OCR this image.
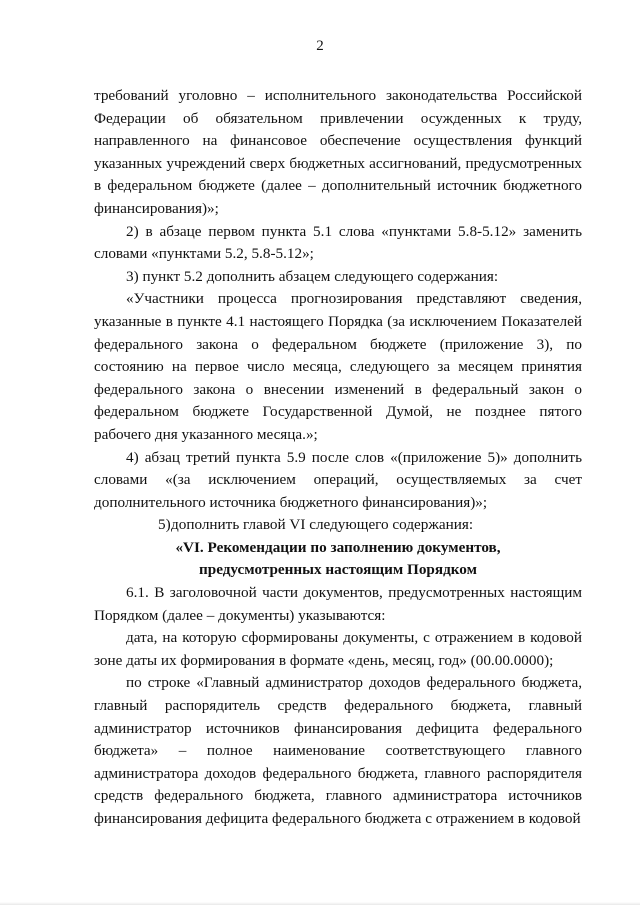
2

требований уголовно – исполнительного законодательства Российской Федерации об обязательном привлечении осужденных к труду, направленного на финансовое обеспечение осуществления функций указанных учреждений сверх бюджетных ассигнований, предусмотренных в федеральном бюджете (далее – дополнительный источник бюджетного финансирования)»;

2) в абзаце первом пункта 5.1 слова «пунктами 5.8-5.12» заменить словами «пунктами 5.2, 5.8-5.12»;

3) пункт 5.2 дополнить абзацем следующего содержания:

«Участники процесса прогнозирования представляют сведения, указанные в пункте 4.1 настоящего Порядка (за исключением Показателей федерального закона о федеральном бюджете (приложение 3), по состоянию на первое число месяца, следующего за месяцем принятия федерального закона о внесении изменений в федеральный закон о федеральном бюджете Государственной Думой, не позднее пятого рабочего дня указанного месяца.»;

4) абзац третий пункта 5.9 после слов «(приложение 5)» дополнить словами «(за исключением операций, осуществляемых за счет дополнительного источника бюджетного финансирования)»;

5)дополнить главой VI следующего содержания:

«VI. Рекомендации по заполнению документов,

предусмотренных настоящим Порядком

6.1. В заголовочной части документов, предусмотренных настоящим Порядком (далее – документы) указываются:

дата, на которую сформированы документы, с отражением в кодовой зоне даты их формирования в формате «день, месяц, год» (00.00.0000);

по строке «Главный администратор доходов федерального бюджета, главный распорядитель средств федерального бюджета, главный администратор источников финансирования дефицита федерального бюджета» – полное наименование соответствующего главного администратора доходов федерального бюджета, главного распорядителя средств федерального бюджета, главного администратора источников финансирования дефицита федерального бюджета с отражением в кодовой
